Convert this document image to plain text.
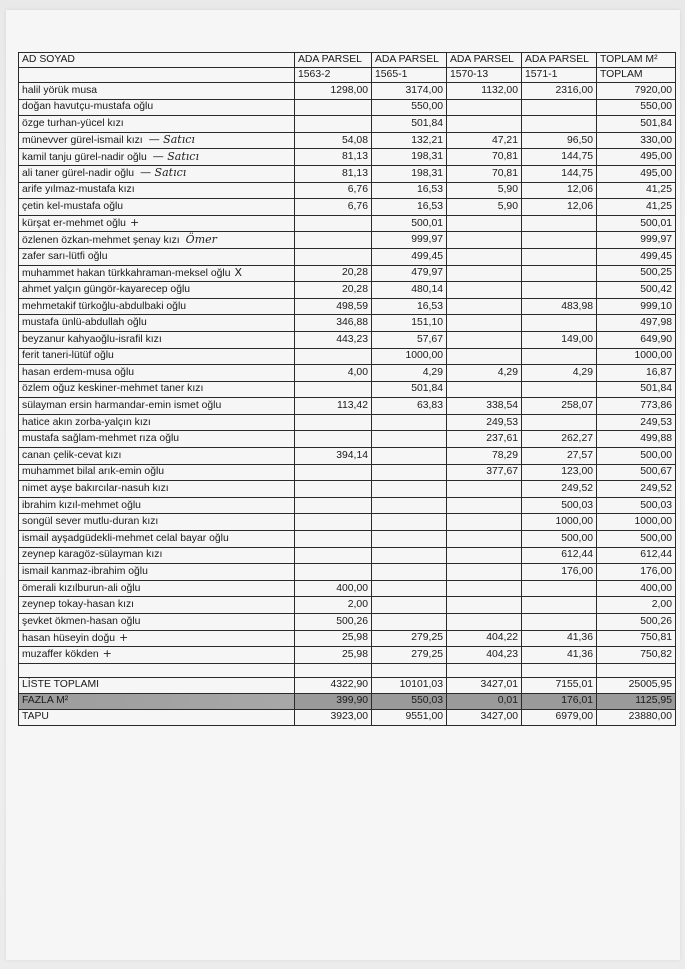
AD SOYAD	ADA PARSEL	ADA PARSEL	ADA PARSEL	ADA PARSEL	TOPLAM M²
	1563-2	1565-1	1570-13	1571-1	TOPLAM
halil yörük musa	1298,00	3174,00	1132,00	2316,00	7920,00
doğan havutçu-mustafa oğlu		550,00			550,00
özge turhan-yücel kızı		501,84			501,84
münevver gürel-ismail kızı — Satıcı	54,08	132,21	47,21	96,50	330,00
kamil tanju gürel-nadir oğlu — Satıcı	81,13	198,31	70,81	144,75	495,00
ali taner gürel-nadir oğlu — Satıcı	81,13	198,31	70,81	144,75	495,00
arife yılmaz-mustafa kızı	6,76	16,53	5,90	12,06	41,25
çetin kel-mustafa oğlu	6,76	16,53	5,90	12,06	41,25
kürşat er-mehmet oğlu +		500,01			500,01
özlenen özkan-mehmet şenay kızı Ömer		999,97			999,97
zafer sarı-lütfi oğlu		499,45			499,45
muhammet hakan türkkahraman-meksel oğlu X	20,28	479,97			500,25
ahmet yalçın güngör-kayarecep oğlu	20,28	480,14			500,42
mehmetakif türkoğlu-abdulbaki oğlu	498,59	16,53		483,98	999,10
mustafa ünlü-abdullah oğlu	346,88	151,10			497,98
beyzanur kahyaoğlu-israfil kızı	443,23	57,67		149,00	649,90
ferit taneri-lütüf oğlu		1000,00			1000,00
hasan erdem-musa oğlu	4,00	4,29	4,29	4,29	16,87
özlem oğuz keskiner-mehmet taner kızı		501,84			501,84
sülayman ersin harmandar-emin ismet oğlu	113,42	63,83	338,54	258,07	773,86
hatice akın zorba-yalçın kızı			249,53		249,53
mustafa sağlam-mehmet rıza oğlu			237,61	262,27	499,88
canan çelik-cevat kızı	394,14		78,29	27,57	500,00
muhammet bilal arık-emin oğlu			377,67	123,00	500,67
nimet ayşe bakırcılar-nasuh kızı				249,52	249,52
ibrahim kızıl-mehmet oğlu				500,03	500,03
songül sever mutlu-duran kızı				1000,00	1000,00
ismail ayşadgüdekli-mehmet celal bayar oğlu				500,00	500,00
zeynep karagöz-sülayman kızı				612,44	612,44
ismail kanmaz-ibrahim oğlu				176,00	176,00
ömerali kızılburun-ali oğlu	400,00				400,00
zeynep tokay-hasan kızı	2,00				2,00
şevket ökmen-hasan oğlu	500,26				500,26
hasan hüseyin doğu +	25,98	279,25	404,22	41,36	750,81
muzaffer kökden +	25,98	279,25	404,23	41,36	750,82

LİSTE TOPLAMI	4322,90	10101,03	3427,01	7155,01	25005,95
FAZLA M²	399,90	550,03	0,01	176,01	1125,95
TAPU	3923,00	9551,00	3427,00	6979,00	23880,00
